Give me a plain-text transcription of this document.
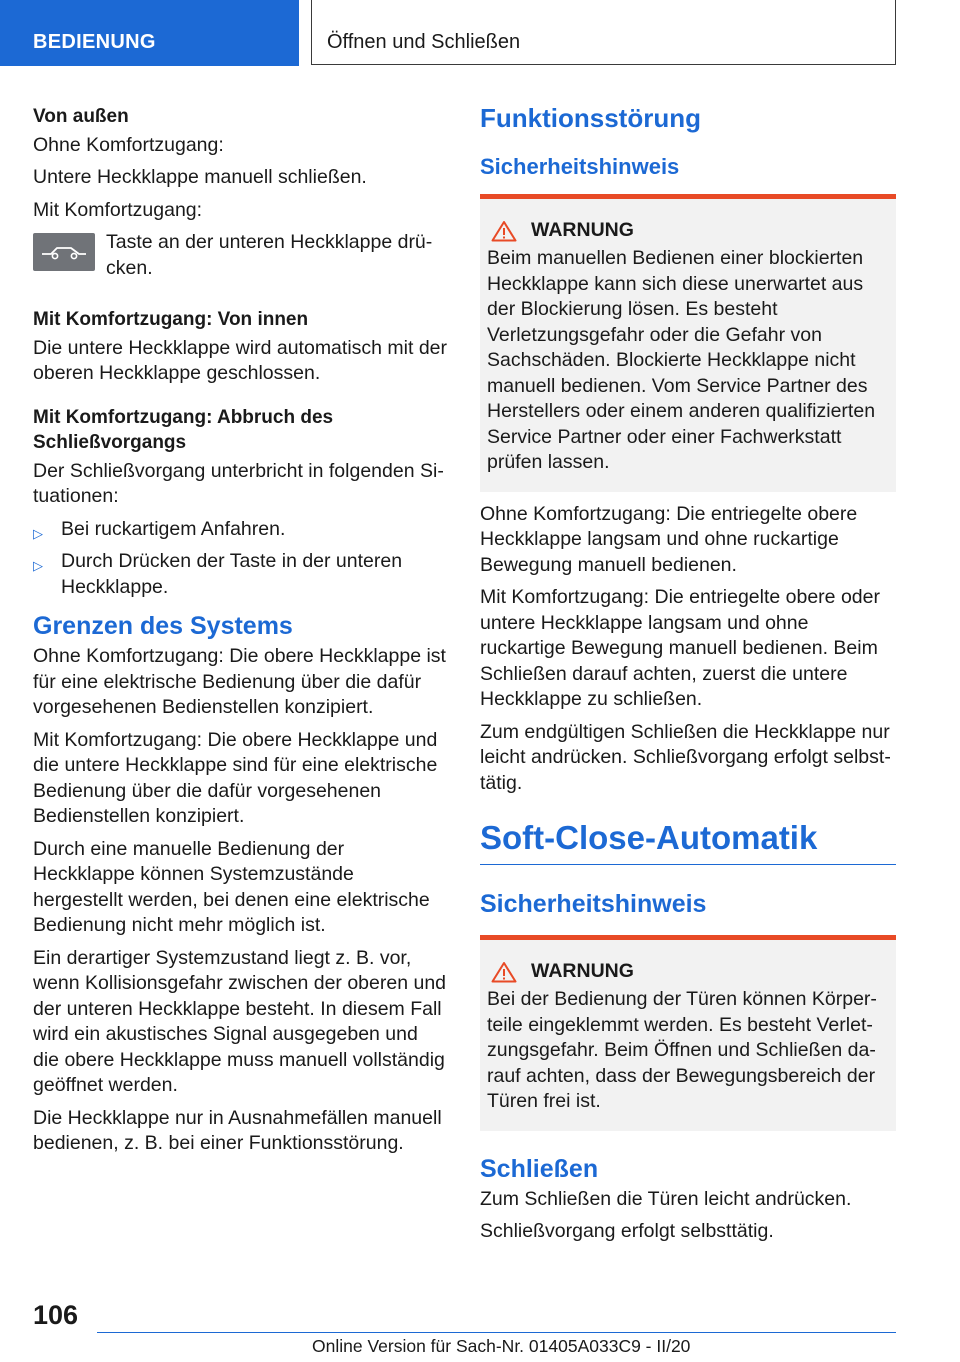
BEDIENUNG	Öffnen und Schließen
Von außen

Ohne Komfortzugang:

Untere Heckklappe manuell schließen.

Mit Komfortzugang:

Taste an der unteren Heckklappe drücken.
Mit Komfortzugang: Von innen

Die untere Heckklappe wird automatisch mit der oberen Heckklappe geschlossen.

Mit Komfortzugang: Abbruch des Schließvorgangs

Der Schließvorgang unterbricht in folgenden Situationen:

▷ Bei ruckartigem Anfahren.
▷ Durch Drücken der Taste in der unteren Heckklappe.
Grenzen des Systems

Ohne Komfortzugang: Die obere Heckklappe ist für eine elektrische Bedienung über die dafür vorgesehenen Bedienstellen konzipiert.

Mit Komfortzugang: Die obere Heckklappe und die untere Heckklappe sind für eine elektrische Bedienung über die dafür vorgesehenen Bedienstellen konzipiert.

Durch eine manuelle Bedienung der Heckklappe können Systemzustände hergestellt werden, bei denen eine elektrische Bedienung nicht mehr möglich ist.

Ein derartiger Systemzustand liegt z. B. vor, wenn Kollisionsgefahr zwischen der oberen und der unteren Heckklappe besteht. In diesem Fall wird ein akustisches Signal ausgegeben und die obere Heckklappe muss manuell vollständig geöffnet werden.

Die Heckklappe nur in Ausnahmefällen manuell bedienen, z. B. bei einer Funktionsstörung.

Funktionsstörung
Sicherheitshinweis
WARNUNG

Beim manuellen Bedienen einer blockierten Heckklappe kann sich diese unerwartet aus der Blockierung lösen. Es besteht Verletzungsgefahr oder die Gefahr von Sachschäden. Blockierte Heckklappe nicht manuell bedienen. Vom Service Partner des Herstellers oder einem anderen qualifizierten Service Partner oder einer Fachwerkstatt prüfen lassen.

Ohne Komfortzugang: Die entriegelte obere Heckklappe langsam und ohne ruckartige Bewegung manuell bedienen.

Mit Komfortzugang: Die entriegelte obere oder untere Heckklappe langsam und ohne ruckartige Bewegung manuell bedienen. Beim Schließen darauf achten, zuerst die untere Heckklappe zu schließen.

Zum endgültigen Schließen die Heckklappe nur leicht andrücken. Schließvorgang erfolgt selbsttätig.

Soft-Close-Automatik
Sicherheitshinweis
WARNUNG

Bei der Bedienung der Türen können Körperteile eingeklemmt werden. Es besteht Verletzungsgefahr. Beim Öffnen und Schließen darauf achten, dass der Bewegungsbereich der Türen frei ist.

Schließen

Zum Schließen die Türen leicht andrücken.

Schließvorgang erfolgt selbsttätig.

106
Online Version für Sach-Nr. 01405A033C9 - II/20
